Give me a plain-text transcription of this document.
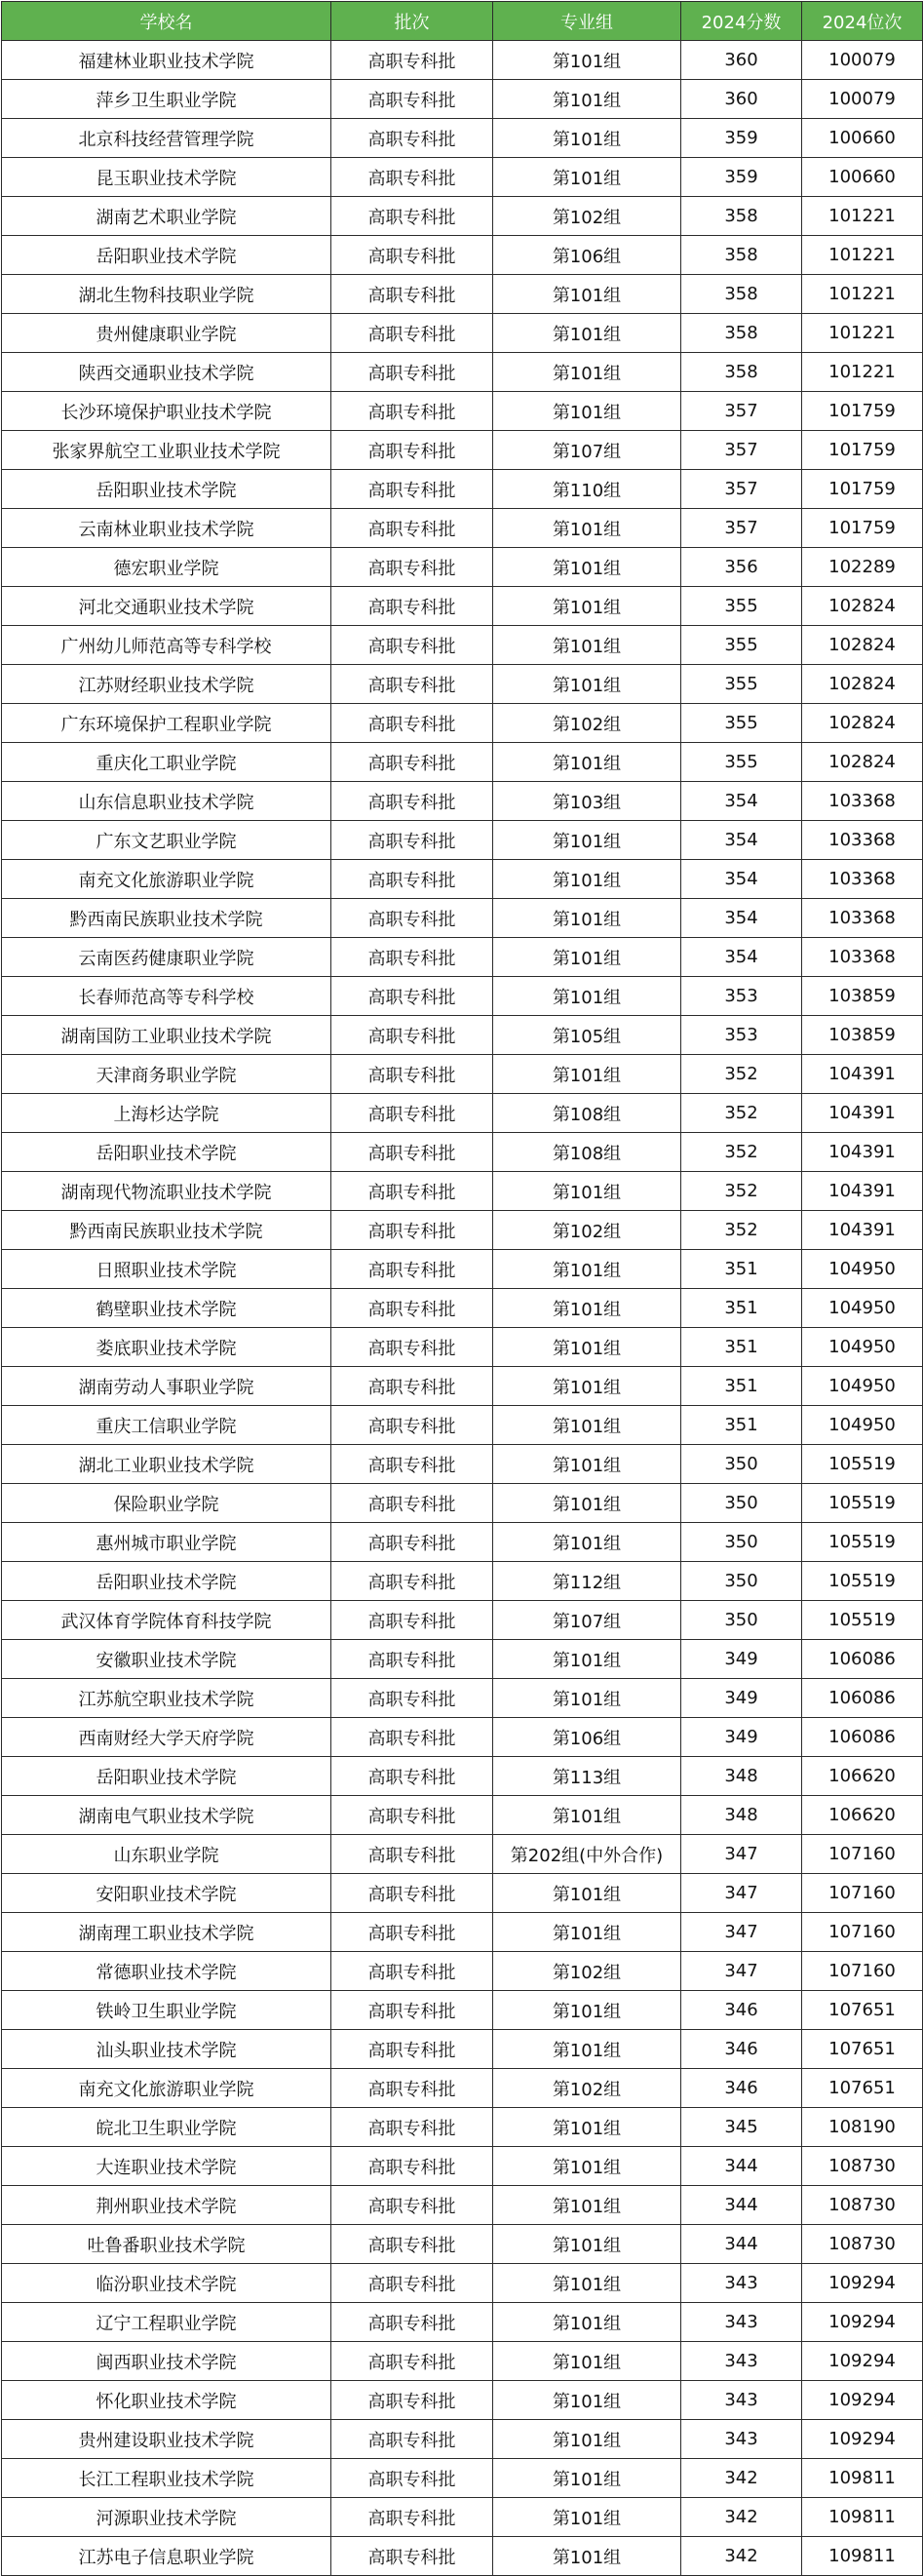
学校名	批次	专业组	2024分数	2024位次
福建林业职业技术学院	高职专科批	第101组	360	100079
萍乡卫生职业学院	高职专科批	第101组	360	100079
北京科技经营管理学院	高职专科批	第101组	359	100660
昆玉职业技术学院	高职专科批	第101组	359	100660
湖南艺术职业学院	高职专科批	第102组	358	101221
岳阳职业技术学院	高职专科批	第106组	358	101221
湖北生物科技职业学院	高职专科批	第101组	358	101221
贵州健康职业学院	高职专科批	第101组	358	101221
陕西交通职业技术学院	高职专科批	第101组	358	101221
长沙环境保护职业技术学院	高职专科批	第101组	357	101759
张家界航空工业职业技术学院	高职专科批	第107组	357	101759
岳阳职业技术学院	高职专科批	第110组	357	101759
云南林业职业技术学院	高职专科批	第101组	357	101759
德宏职业学院	高职专科批	第101组	356	102289
河北交通职业技术学院	高职专科批	第101组	355	102824
广州幼儿师范高等专科学校	高职专科批	第101组	355	102824
江苏财经职业技术学院	高职专科批	第101组	355	102824
广东环境保护工程职业学院	高职专科批	第102组	355	102824
重庆化工职业学院	高职专科批	第101组	355	102824
山东信息职业技术学院	高职专科批	第103组	354	103368
广东文艺职业学院	高职专科批	第101组	354	103368
南充文化旅游职业学院	高职专科批	第101组	354	103368
黔西南民族职业技术学院	高职专科批	第101组	354	103368
云南医药健康职业学院	高职专科批	第101组	354	103368
长春师范高等专科学校	高职专科批	第101组	353	103859
湖南国防工业职业技术学院	高职专科批	第105组	353	103859
天津商务职业学院	高职专科批	第101组	352	104391
上海杉达学院	高职专科批	第108组	352	104391
岳阳职业技术学院	高职专科批	第108组	352	104391
湖南现代物流职业技术学院	高职专科批	第101组	352	104391
黔西南民族职业技术学院	高职专科批	第102组	352	104391
日照职业技术学院	高职专科批	第101组	351	104950
鹤壁职业技术学院	高职专科批	第101组	351	104950
娄底职业技术学院	高职专科批	第101组	351	104950
湖南劳动人事职业学院	高职专科批	第101组	351	104950
重庆工信职业学院	高职专科批	第101组	351	104950
湖北工业职业技术学院	高职专科批	第101组	350	105519
保险职业学院	高职专科批	第101组	350	105519
惠州城市职业学院	高职专科批	第101组	350	105519
岳阳职业技术学院	高职专科批	第112组	350	105519
武汉体育学院体育科技学院	高职专科批	第107组	350	105519
安徽职业技术学院	高职专科批	第101组	349	106086
江苏航空职业技术学院	高职专科批	第101组	349	106086
西南财经大学天府学院	高职专科批	第106组	349	106086
岳阳职业技术学院	高职专科批	第113组	348	106620
湖南电气职业技术学院	高职专科批	第101组	348	106620
山东职业学院	高职专科批	第202组(中外合作)	347	107160
安阳职业技术学院	高职专科批	第101组	347	107160
湖南理工职业技术学院	高职专科批	第101组	347	107160
常德职业技术学院	高职专科批	第102组	347	107160
铁岭卫生职业学院	高职专科批	第101组	346	107651
汕头职业技术学院	高职专科批	第101组	346	107651
南充文化旅游职业学院	高职专科批	第102组	346	107651
皖北卫生职业学院	高职专科批	第101组	345	108190
大连职业技术学院	高职专科批	第101组	344	108730
荆州职业技术学院	高职专科批	第101组	344	108730
吐鲁番职业技术学院	高职专科批	第101组	344	108730
临汾职业技术学院	高职专科批	第101组	343	109294
辽宁工程职业学院	高职专科批	第101组	343	109294
闽西职业技术学院	高职专科批	第101组	343	109294
怀化职业技术学院	高职专科批	第101组	343	109294
贵州建设职业技术学院	高职专科批	第101组	343	109294
长江工程职业技术学院	高职专科批	第101组	342	109811
河源职业技术学院	高职专科批	第101组	342	109811
江苏电子信息职业学院	高职专科批	第101组	342	109811
